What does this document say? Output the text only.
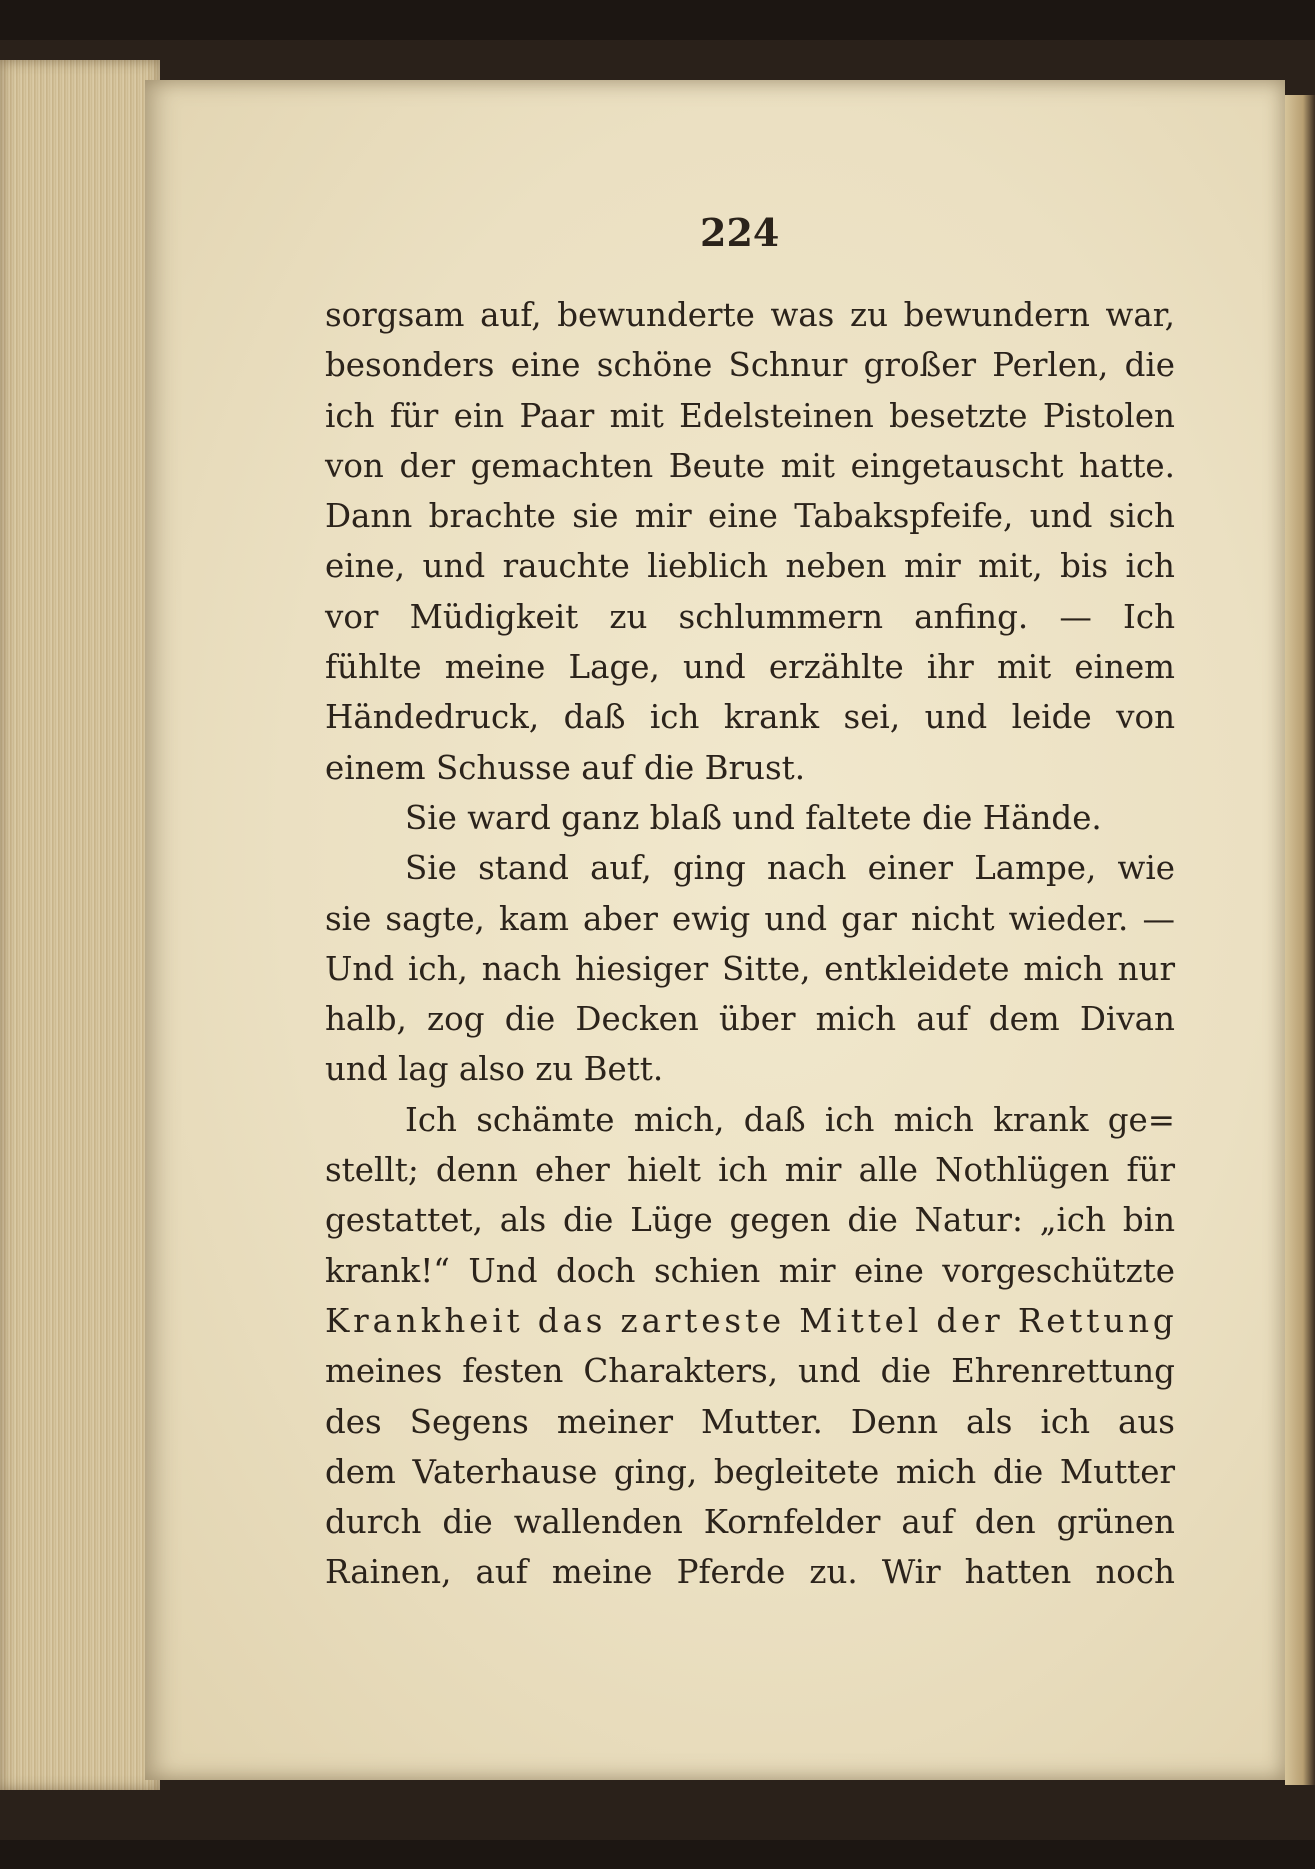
224
sorgsam auf, bewunderte was zu bewundern war,
besonders eine schöne Schnur großer Perlen, die
ich für ein Paar mit Edelsteinen besetzte Pistolen
von der gemachten Beute mit eingetauscht hatte.
Dann brachte sie mir eine Tabakspfeife, und sich
eine, und rauchte lieblich neben mir mit, bis ich
vor Müdigkeit zu schlummern anfing. — Ich
fühlte meine Lage, und erzählte ihr mit einem
Händedruck, daß ich krank sei, und leide von
einem Schusse auf die Brust.
Sie ward ganz blaß und faltete die Hände.
Sie stand auf, ging nach einer Lampe, wie
sie sagte, kam aber ewig und gar nicht wieder. —
Und ich, nach hiesiger Sitte, entkleidete mich nur
halb, zog die Decken über mich auf dem Divan
und lag also zu Bett.
Ich schämte mich, daß ich mich krank ge=
stellt; denn eher hielt ich mir alle Nothlügen für
gestattet, als die Lüge gegen die Natur: „ich bin
krank!“ Und doch schien mir eine vorgeschützte
Krankheit das zarteste Mittel der Rettung
meines festen Charakters, und die Ehrenrettung
des Segens meiner Mutter. Denn als ich aus
dem Vaterhause ging, begleitete mich die Mutter
durch die wallenden Kornfelder auf den grünen
Rainen, auf meine Pferde zu. Wir hatten noch
